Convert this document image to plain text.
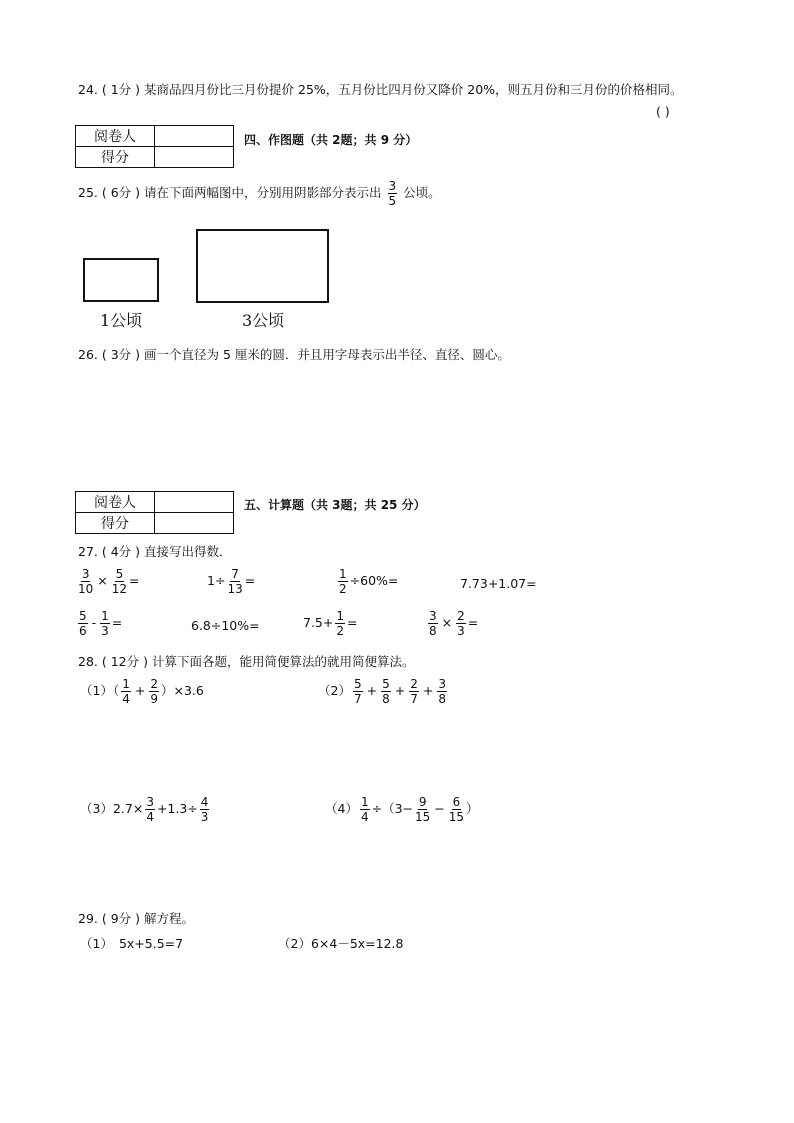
24. ( 1分 ) 某商品四月份比三月份提价 25%，五月份比四月份又降价 20%，则五月份和三月份的价格相同。
( )
阅卷人	
得分	
四、作图题（共 2题；共 9 分）
25. ( 6分 ) 请在下面两幅图中，分别用阴影部分表示出 $\frac{3}{5}$ 公顷。
1公顷	3公顷
26. ( 3分 ) 画一个直径为 5 厘米的圆．并且用字母表示出半径、直径、圆心。
阅卷人	
得分	
五、计算题（共 3题；共 25 分）
27. ( 4分 ) 直接写出得数．
$\frac{3}{10} \times \frac{5}{12}$ =	$1\div \frac{7}{13}$ =	$\frac{1}{2} \div 60\%=$	7.73+1.07=
$\frac{5}{6} - \frac{1}{3}$ =	6.8÷10%=	$7.5+ \frac{1}{2}$ =	$\frac{3}{8} \times \frac{2}{3}$ =
28. ( 12分 ) 计算下面各题，能用简便算法的就用简便算法。
$(1)( \frac{1}{4} + \frac{2}{9} )\times 3.6$	$(2) \frac{5}{7} + \frac{5}{8} + \frac{2}{7} + \frac{3}{8}$
$(3)2.7\times \frac{3}{4} +1.3\div \frac{4}{3}$	$(4) \frac{1}{4} \div(3- \frac{9}{15} - \frac{6}{15}$ ）
29. ( 9分 ) 解方程。
（1） 5x+5.5=7	（2）6×4－5x=12.8
